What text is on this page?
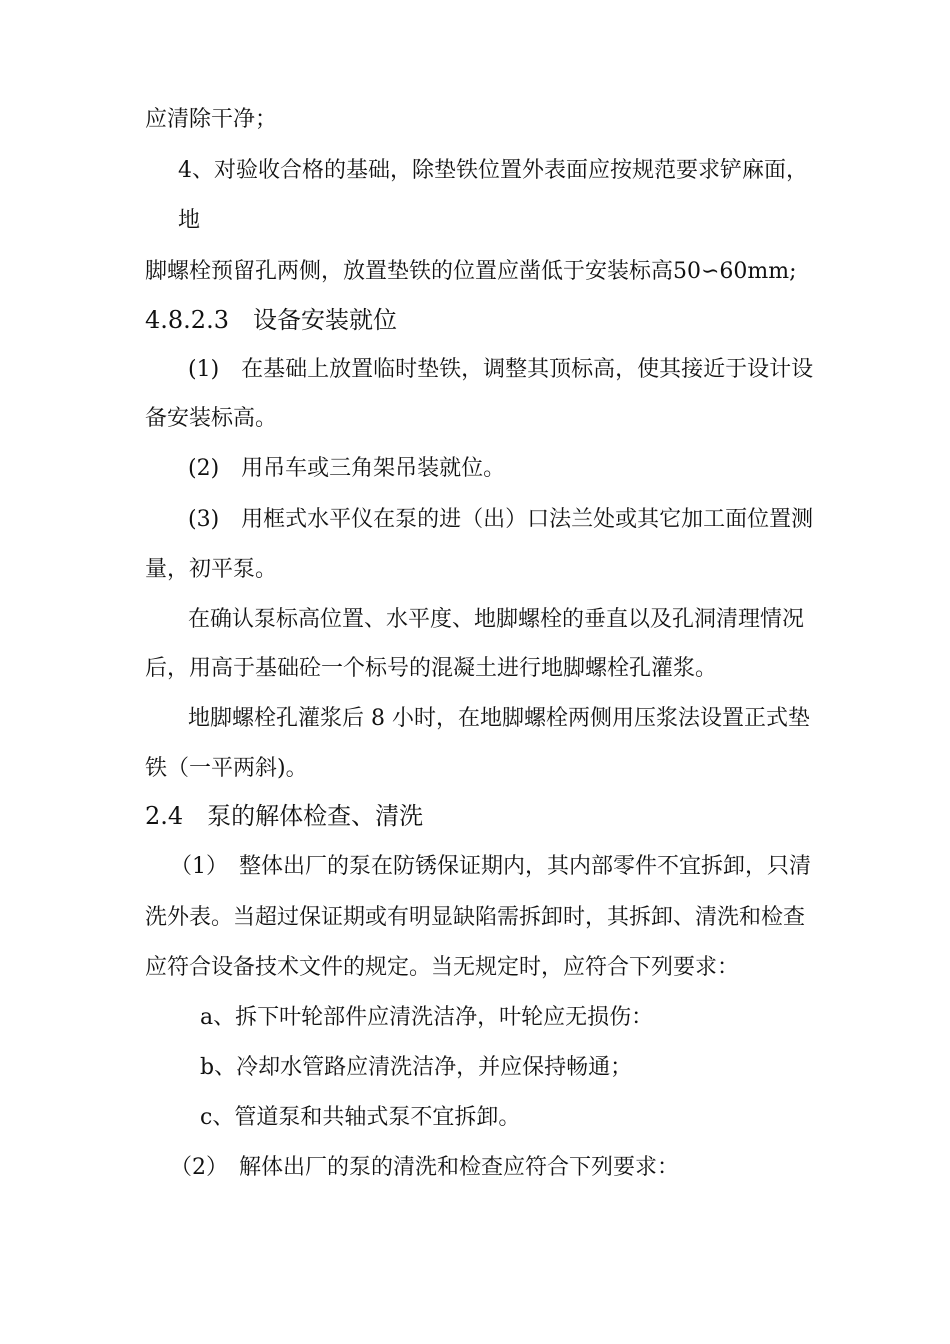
应清除干净；
4、对验收合格的基础，除垫铁位置外表面应按规范要求铲麻面，
地
脚螺栓预留孔两侧，放置垫铁的位置应凿低于安装标高50∽60mm;
4.8.2.3　设备安装就位
(1)　在基础上放置临时垫铁，调整其顶标高，使其接近于设计设
备安装标高。
(2)　用吊车或三角架吊装就位。
(3)　用框式水平仪在泵的进（出）口法兰处或其它加工面位置测
量，初平泵。
在确认泵标高位置、水平度、地脚螺栓的垂直以及孔洞清理情况
后，用高于基础砼一个标号的混凝土进行地脚螺栓孔灌浆。
地脚螺栓孔灌浆后 8 小时，在地脚螺栓两侧用压浆法设置正式垫
铁（一平两斜)。
2.4　泵的解体检查、清洗
（1）　整体出厂的泵在防锈保证期内，其内部零件不宜拆卸，只清
洗外表。当超过保证期或有明显缺陷需拆卸时，其拆卸、清洗和检查
应符合设备技术文件的规定。当无规定时，应符合下列要求：
a、拆下叶轮部件应清洗洁净，叶轮应无损伤：
b、冷却水管路应清洗洁净，并应保持畅通；
c、管道泵和共轴式泵不宜拆卸。
（2）　解体出厂的泵的清洗和检查应符合下列要求：
